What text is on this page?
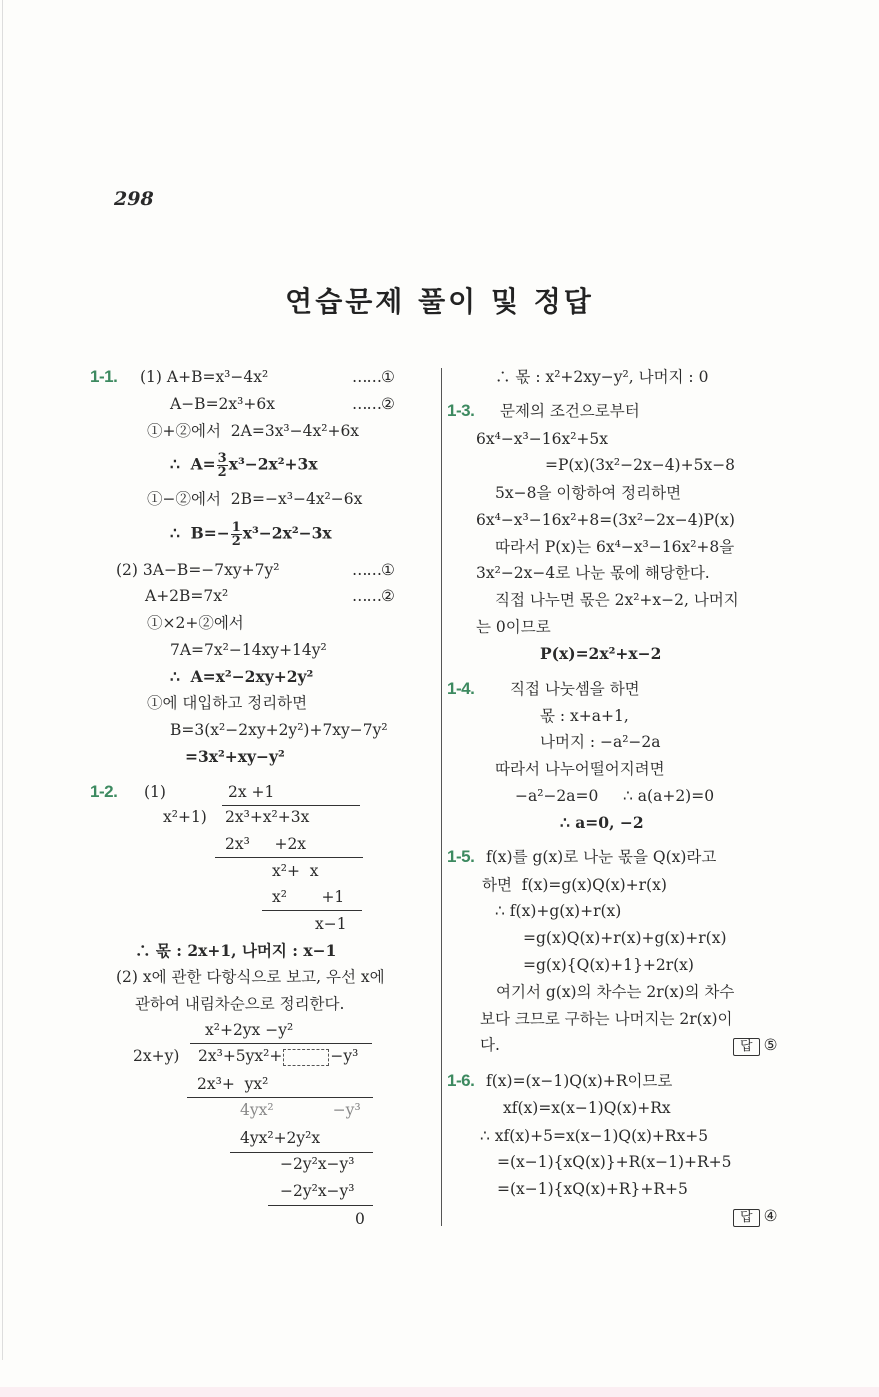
298
연습문제 풀이 및 정답
1-1. (1) A+B=x³−4x²	……①
A−B=2x³+6x	……②
①+②에서  2A=3x³−4x²+6x
∴  $A= \frac{3}{2} x^3-2x^2+3x$
①−②에서  2B=−x³−4x²−6x
∴  $B=- \frac{1}{2} x^3-2x^2-3x$
(2) 3A−B=−7xy+7y²	……①
A+2B=7x²	……②
①×2+②에서
7A=7x²−14xy+14y²
∴  A=x²−2xy+2y²
①에 대입하고 정리하면
B=3(x²−2xy+2y²)+7xy−7y²
=3x²+xy−y²
1-2. (1)	2x +1
x²+1) 2x³+x²+3x
2x³     +2x
x²+  x
x²       +1
x−1
∴ 몫 : 2x+1, 나머지 : x−1
(2) x에 관한 다항식으로 보고, 우선 x에
관하여 내림차순으로 정리한다.
x²+2yx −y²
2x+y) 2x³+5yx²+	−y³
2x³+  yx²
4yx²            −y³
4yx²+2y²x
−2y²x−y³
−2y²x−y³
0
∴ 몫 : x²+2xy−y², 나머지 : 0
1-3. 문제의 조건으로부터
6x⁴−x³−16x²+5x
=P(x)(3x²−2x−4)+5x−8
5x−8을 이항하여 정리하면
6x⁴−x³−16x²+8=(3x²−2x−4)P(x)
따라서 P(x)는 6x⁴−x³−16x²+8을
3x²−2x−4로 나눈 몫에 해당한다.
직접 나누면 몫은 2x²+x−2, 나머지
는 0이므로
P(x)=2x²+x−2
1-4. 직접 나눗셈을 하면
몫 : x+a+1,
나머지 : −a²−2a
따라서 나누어떨어지려면
−a²−2a=0     ∴ a(a+2)=0
∴ a=0, −2
1-5. f(x)를 g(x)로 나눈 몫을 Q(x)라고
하면  f(x)=g(x)Q(x)+r(x)
∴ f(x)+g(x)+r(x)
=g(x)Q(x)+r(x)+g(x)+r(x)
=g(x){Q(x)+1}+2r(x)
여기서 g(x)의 차수는 2r(x)의 차수
보다 크므로 구하는 나머지는 2r(x)이
다.	답 ⑤
1-6. f(x)=(x−1)Q(x)+R이므로
xf(x)=x(x−1)Q(x)+Rx
∴ xf(x)+5=x(x−1)Q(x)+Rx+5
=(x−1){xQ(x)}+R(x−1)+R+5
=(x−1){xQ(x)+R}+R+5
답 ④
